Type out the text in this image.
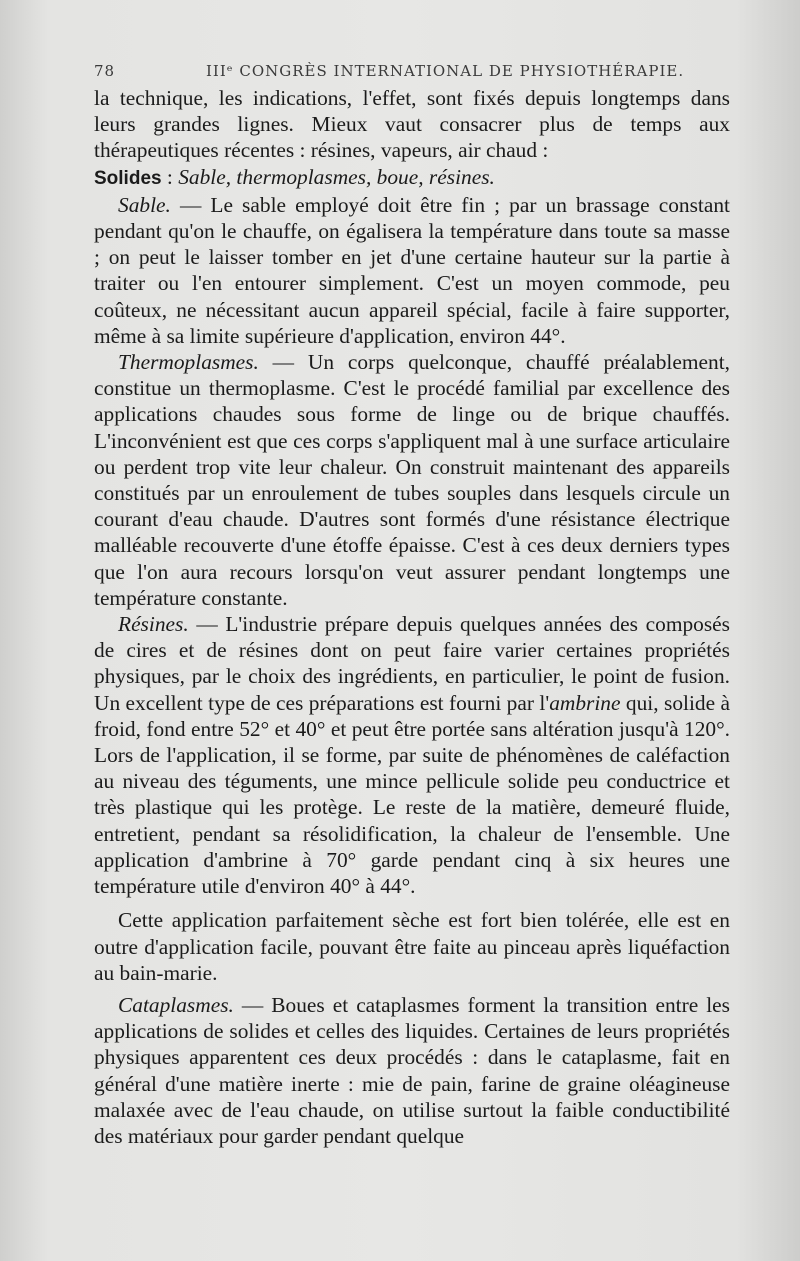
78	IIIᵉ CONGRÈS INTERNATIONAL DE PHYSIOTHÉRAPIE.

la technique, les indications, l'effet, sont fixés depuis longtemps dans leurs grandes lignes. Mieux vaut consacrer plus de temps aux thérapeutiques récentes : résines, vapeurs, air chaud :

Solides : Sable, thermoplasmes, boue, résines.

Sable. — Le sable employé doit être fin ; par un brassage constant pendant qu'on le chauffe, on égalisera la température dans toute sa masse ; on peut le laisser tomber en jet d'une certaine hauteur sur la partie à traiter ou l'en entourer simplement. C'est un moyen commode, peu coûteux, ne nécessitant aucun appareil spécial, facile à faire supporter, même à sa limite supérieure d'application, environ 44°.

Thermoplasmes. — Un corps quelconque, chauffé préalablement, constitue un thermoplasme. C'est le procédé familial par excellence des applications chaudes sous forme de linge ou de brique chauffés. L'inconvénient est que ces corps s'appliquent mal à une surface articulaire ou perdent trop vite leur chaleur. On construit maintenant des appareils constitués par un enroulement de tubes souples dans lesquels circule un courant d'eau chaude. D'autres sont formés d'une résistance électrique malléable recouverte d'une étoffe épaisse. C'est à ces deux derniers types que l'on aura recours lorsqu'on veut assurer pendant longtemps une température constante.

Résines. — L'industrie prépare depuis quelques années des composés de cires et de résines dont on peut faire varier certaines propriétés physiques, par le choix des ingrédients, en particulier, le point de fusion. Un excellent type de ces préparations est fourni par l'ambrine qui, solide à froid, fond entre 52° et 40° et peut être portée sans altération jusqu'à 120°. Lors de l'application, il se forme, par suite de phénomènes de caléfaction au niveau des téguments, une mince pellicule solide peu conductrice et très plastique qui les protège. Le reste de la matière, demeuré fluide, entretient, pendant sa résolidification, la chaleur de l'ensemble. Une application d'ambrine à 70° garde pendant cinq à six heures une température utile d'environ 40° à 44°.

Cette application parfaitement sèche est fort bien tolérée, elle est en outre d'application facile, pouvant être faite au pinceau après liquéfaction au bain-marie.

Cataplasmes. — Boues et cataplasmes forment la transition entre les applications de solides et celles des liquides. Certaines de leurs propriétés physiques apparentent ces deux procédés : dans le cataplasme, fait en général d'une matière inerte : mie de pain, farine de graine oléagineuse malaxée avec de l'eau chaude, on utilise surtout la faible conductibilité des matériaux pour garder pendant quelque
